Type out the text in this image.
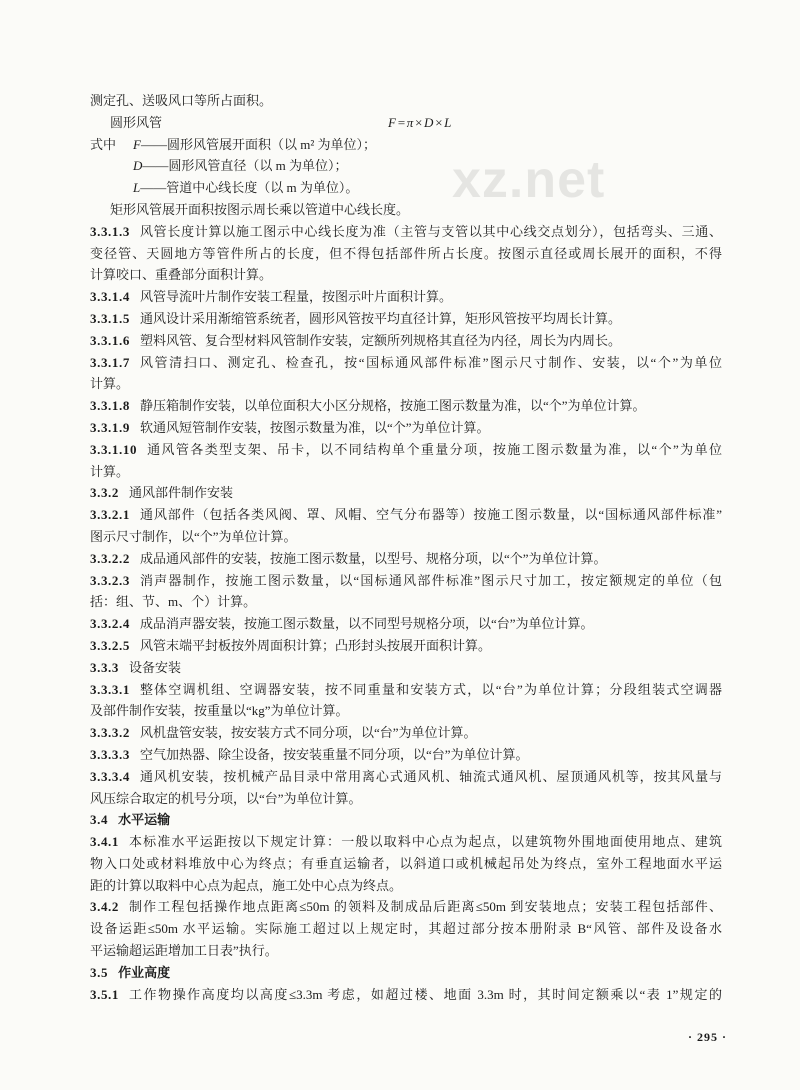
xz.net
测定孔、送吸风口等所占面积。
圆形风管	F=π×D×L
式中 F——圆形风管展开面积（以 m² 为单位）；
D——圆形风管直径（以 m 为单位）；
L——管道中心线长度（以 m 为单位）。
矩形风管展开面积按图示周长乘以管道中心线长度。
3.3.1.3 风管长度计算以施工图示中心线长度为准（主管与支管以其中心线交点划分），包括弯头、三通、
变径管、天圆地方等管件所占的长度，但不得包括部件所占长度。按图示直径或周长展开的面积，不得
计算咬口、重叠部分面积计算。
3.3.1.4 风管导流叶片制作安装工程量，按图示叶片面积计算。
3.3.1.5 通风设计采用渐缩管系统者，圆形风管按平均直径计算，矩形风管按平均周长计算。
3.3.1.6 塑料风管、复合型材料风管制作安装，定额所列规格其直径为内径，周长为内周长。
3.3.1.7 风管清扫口、测定孔、检查孔，按“国标通风部件标准”图示尺寸制作、安装，以“个”为单位
计算。
3.3.1.8 静压箱制作安装，以单位面积大小区分规格，按施工图示数量为准，以“个”为单位计算。
3.3.1.9 软通风短管制作安装，按图示数量为准，以“个”为单位计算。
3.3.1.10 通风管各类型支架、吊卡，以不同结构单个重量分项，按施工图示数量为准，以“个”为单位
计算。
3.3.2 通风部件制作安装
3.3.2.1 通风部件（包括各类风阀、罩、风帽、空气分布器等）按施工图示数量，以“国标通风部件标准”
图示尺寸制作，以“个”为单位计算。
3.3.2.2 成品通风部件的安装，按施工图示数量，以型号、规格分项，以“个”为单位计算。
3.3.2.3 消声器制作，按施工图示数量，以“国标通风部件标准”图示尺寸加工，按定额规定的单位（包
括：组、节、m、个）计算。
3.3.2.4 成品消声器安装，按施工图示数量，以不同型号规格分项，以“台”为单位计算。
3.3.2.5 风管末端平封板按外周面积计算；凸形封头按展开面积计算。
3.3.3 设备安装
3.3.3.1 整体空调机组、空调器安装，按不同重量和安装方式，以“台”为单位计算；分段组装式空调器
及部件制作安装，按重量以“kg”为单位计算。
3.3.3.2 风机盘管安装，按安装方式不同分项，以“台”为单位计算。
3.3.3.3 空气加热器、除尘设备，按安装重量不同分项，以“台”为单位计算。
3.3.3.4 通风机安装，按机械产品目录中常用离心式通风机、轴流式通风机、屋顶通风机等，按其风量与
风压综合取定的机号分项，以“台”为单位计算。
3.4 水平运输
3.4.1 本标准水平运距按以下规定计算：一般以取料中心点为起点，以建筑物外围地面使用地点、建筑
物入口处或材料堆放中心为终点；有垂直运输者，以斜道口或机械起吊处为终点，室外工程地面水平运
距的计算以取料中心点为起点，施工处中心点为终点。
3.4.2 制作工程包括操作地点距离≤50m 的领料及制成品后距离≤50m 到安装地点；安装工程包括部件、
设备运距≤50m 水平运输。实际施工超过以上规定时，其超过部分按本册附录 B“风管、部件及设备水
平运输超运距增加工日表”执行。
3.5 作业高度
3.5.1 工作物操作高度均以高度≤3.3m 考虑，如超过楼、地面 3.3m 时，其时间定额乘以“表 1”规定的
· 295 ·
